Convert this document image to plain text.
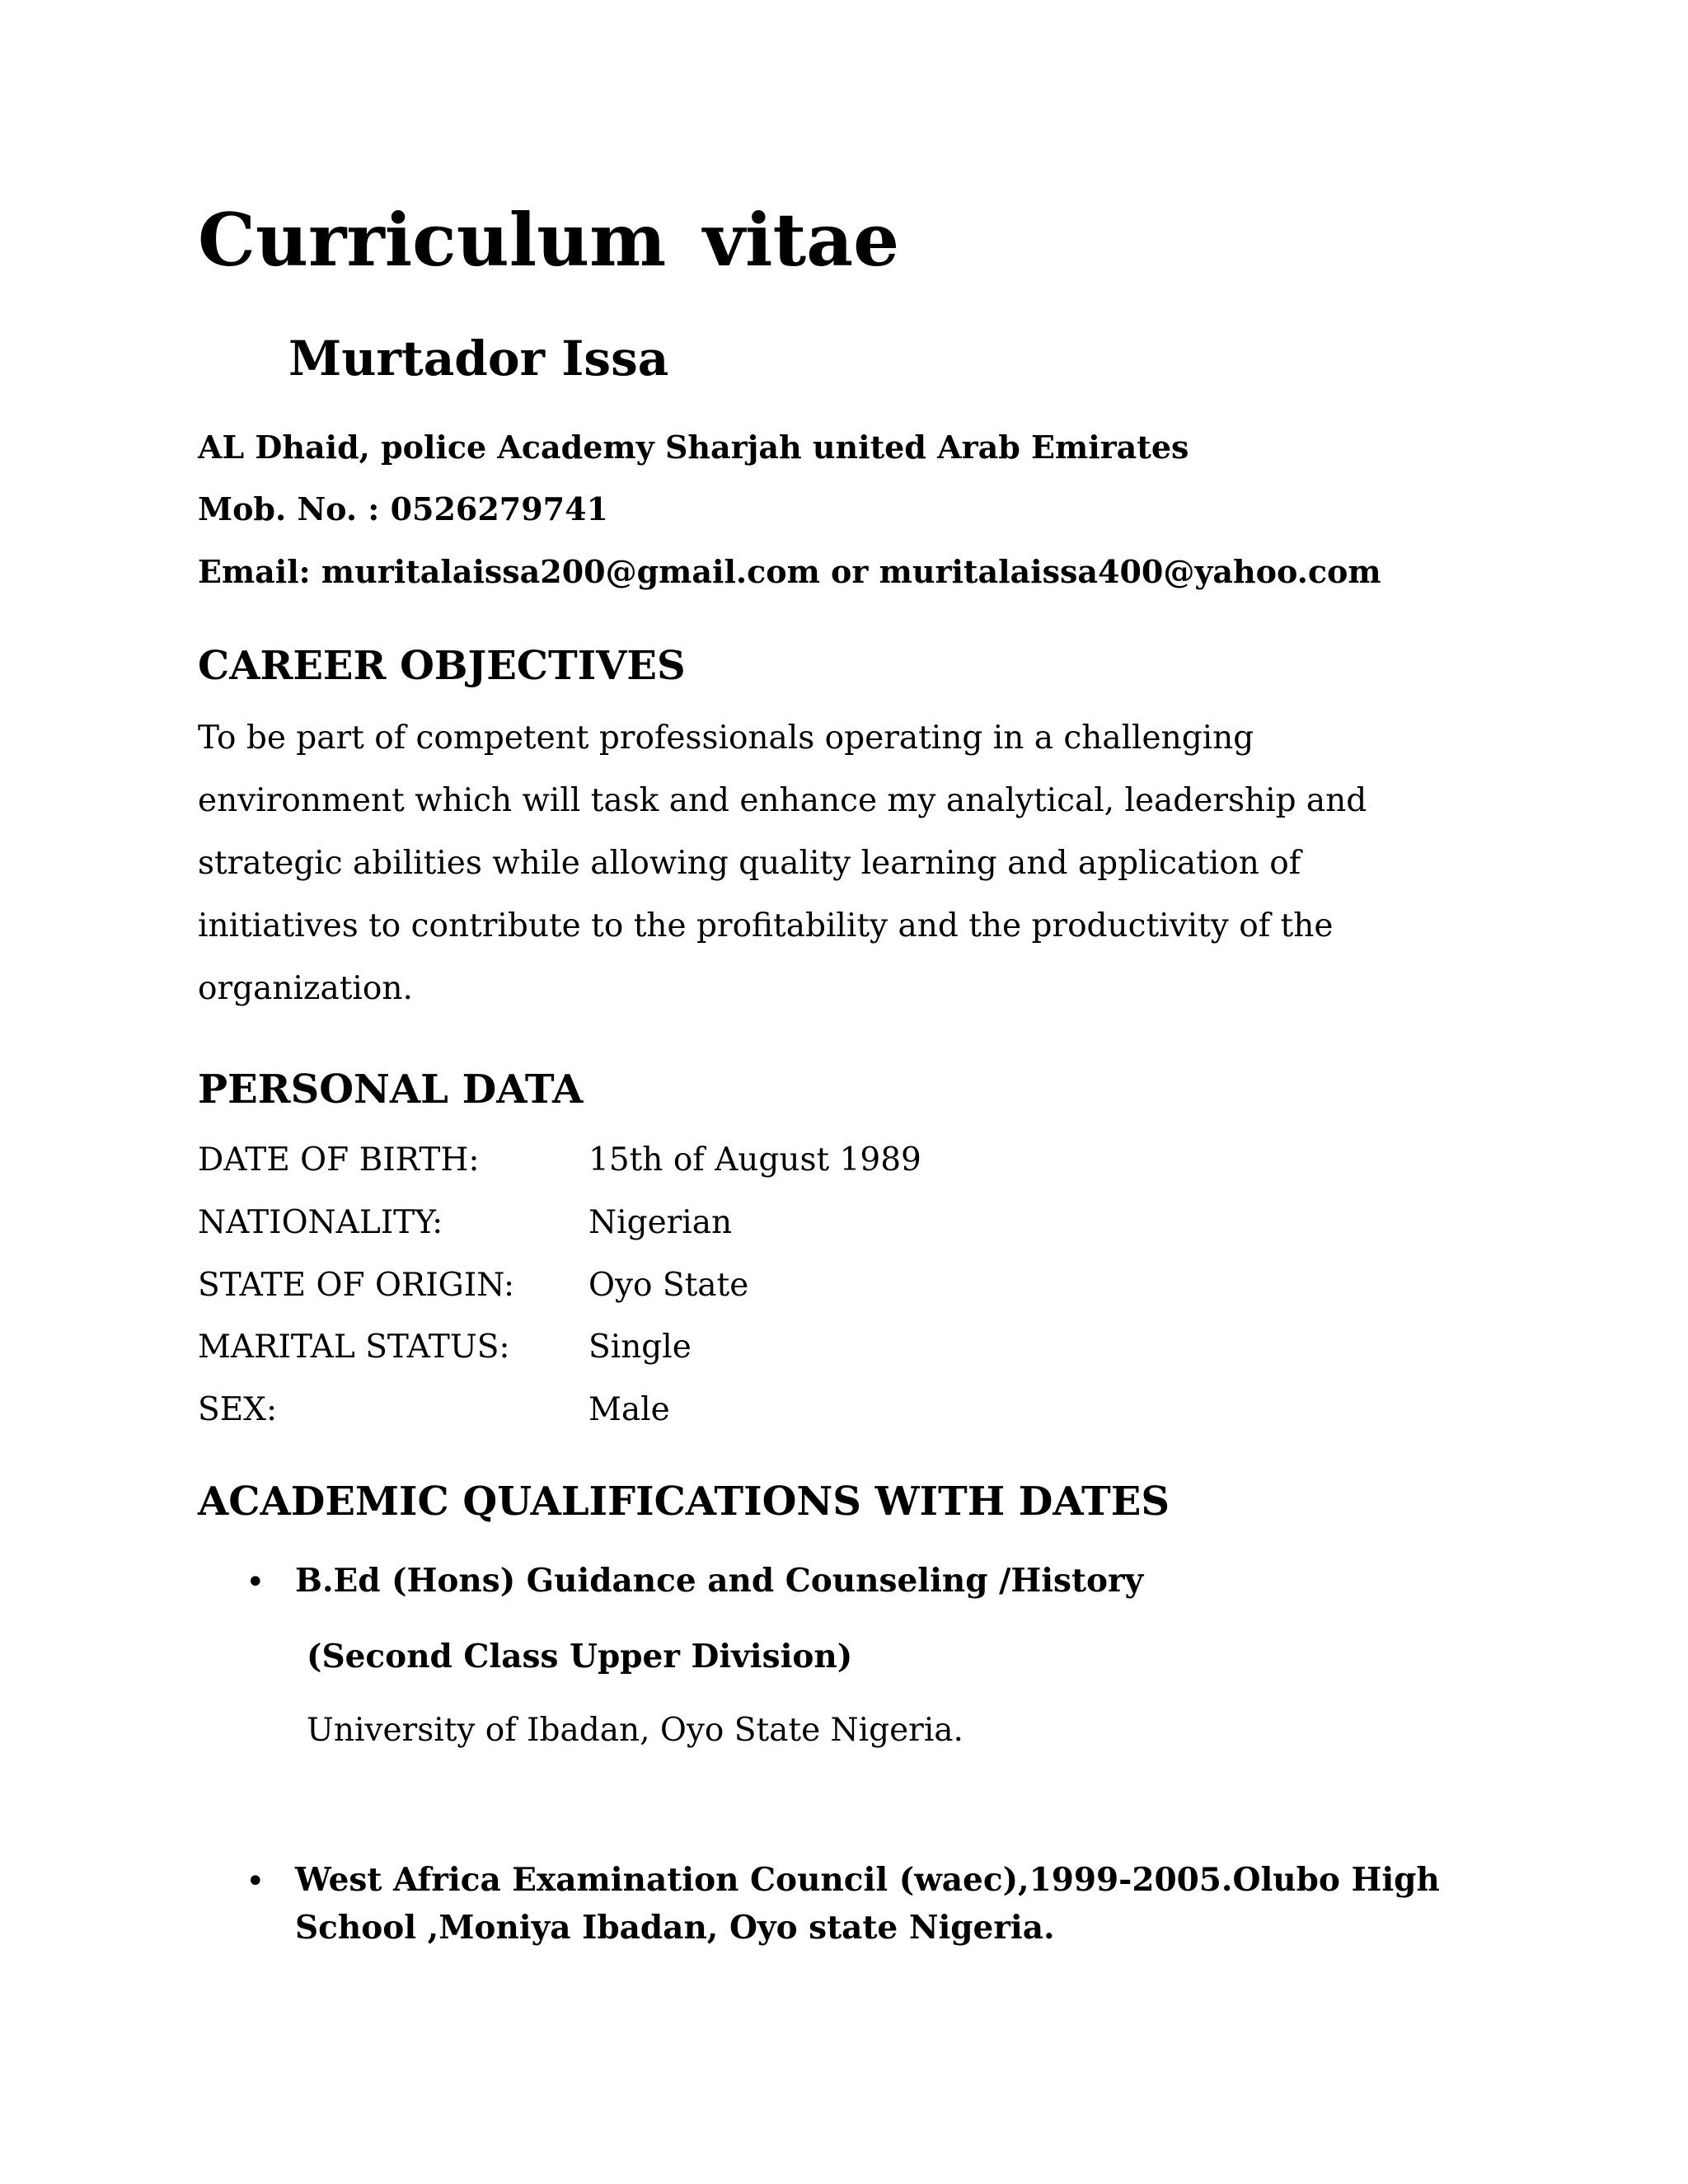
Curriculum vitae
Murtador Issa
AL Dhaid, police Academy Sharjah united Arab Emirates
Mob. No. : 0526279741
Email: muritalaissa200@gmail.com or muritalaissa400@yahoo.com
CAREER OBJECTIVES
To be part of competent professionals operating in a challenging
environment which will task and enhance my analytical, leadership and
strategic abilities while allowing quality learning and application of
initiatives to contribute to the profitability and the productivity of the
organization.
PERSONAL DATA
DATE OF BIRTH:	15th of August 1989
NATIONALITY:	Nigerian
STATE OF ORIGIN: Oyo State
MARITAL STATUS: Single
SEX:	Male
ACADEMIC QUALIFICATIONS WITH DATES
• B.Ed (Hons) Guidance and Counseling /History
(Second Class Upper Division)
University of Ibadan, Oyo State Nigeria.
• West Africa Examination Council (waec),1999-2005.Olubo High
School ,Moniya Ibadan, Oyo state Nigeria.
